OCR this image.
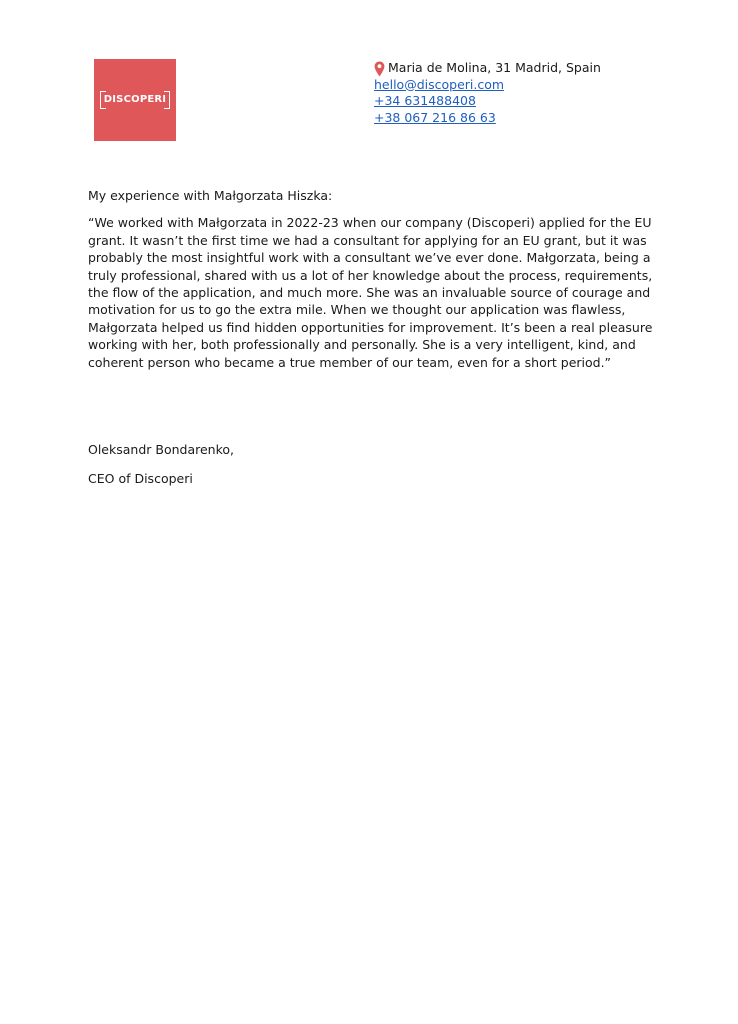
DISCOPERI
Maria de Molina, 31 Madrid, Spain
hello@discoperi.com
+34 631488408
+38 067 216 86 63

My experience with Małgorzata Hiszka:

“We worked with Małgorzata in 2022-23 when our company (Discoperi) applied for the EU grant. It wasn’t the first time we had a consultant for applying for an EU grant, but it was probably the most insightful work with a consultant we’ve ever done. Małgorzata, being a truly professional, shared with us a lot of her knowledge about the process, requirements, the flow of the application, and much more. She was an invaluable source of courage and motivation for us to go the extra mile. When we thought our application was flawless, Małgorzata helped us find hidden opportunities for improvement. It’s been a real pleasure working with her, both professionally and personally. She is a very intelligent, kind, and coherent person who became a true member of our team, even for a short period.”

Oleksandr Bondarenko,

CEO of Discoperi
